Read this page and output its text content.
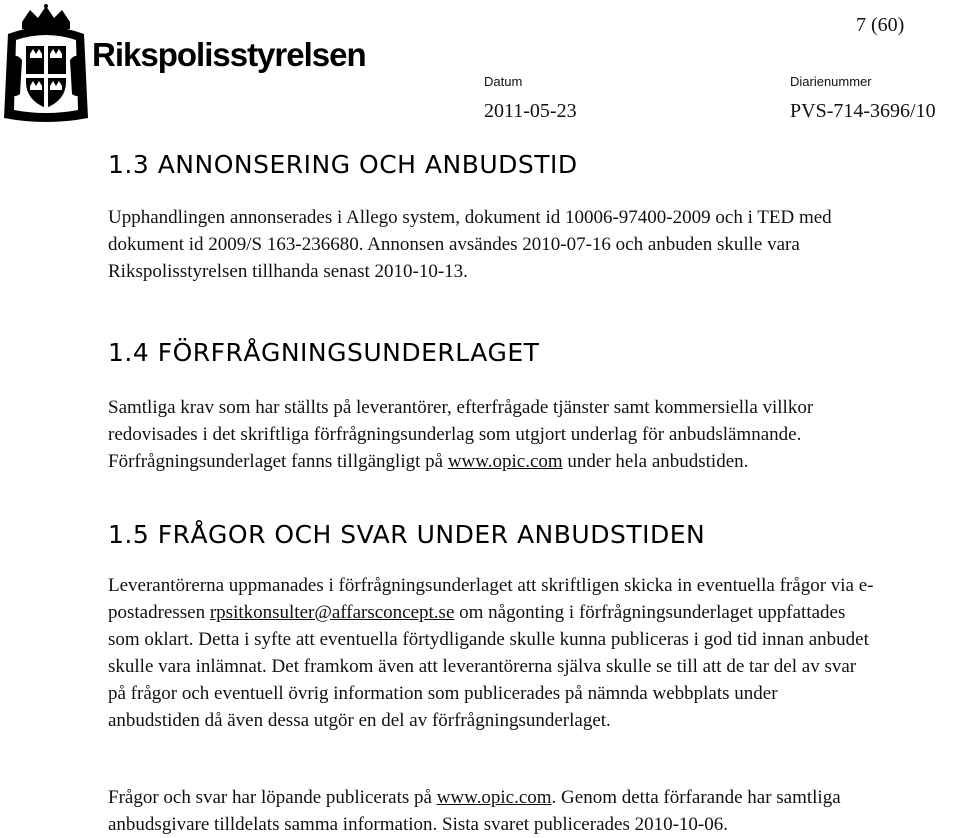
Rikspolisstyrelsen
7 (60)
Datum
2011-05-23
Diarienummer
PVS-714-3696/10
1.3 ANNONSERING OCH ANBUDSTID
Upphandlingen annonserades i Allego system, dokument id 10006-97400-2009 och i TED med
dokument id 2009/S 163-236680. Annonsen avsändes 2010-07-16 och anbuden skulle vara
Rikspolisstyrelsen tillhanda senast 2010-10-13.
1.4 FÖRFRÅGNINGSUNDERLAGET
Samtliga krav som har ställts på leverantörer, efterfrågade tjänster samt kommersiella villkor
redovisades i det skriftliga förfrågningsunderlag som utgjort underlag för anbudslämnande.
Förfrågningsunderlaget fanns tillgängligt på www.opic.com under hela anbudstiden.
1.5 FRÅGOR OCH SVAR UNDER ANBUDSTIDEN
Leverantörerna uppmanades i förfrågningsunderlaget att skriftligen skicka in eventuella frågor via e-
postadressen rpsitkonsulter@affarsconcept.se om någonting i förfrågningsunderlaget uppfattades
som oklart. Detta i syfte att eventuella förtydligande skulle kunna publiceras i god tid innan anbudet
skulle vara inlämnat. Det framkom även att leverantörerna själva skulle se till att de tar del av svar
på frågor och eventuell övrig information som publicerades på nämnda webbplats under
anbudstiden då även dessa utgör en del av förfrågningsunderlaget.
Frågor och svar har löpande publicerats på www.opic.com. Genom detta förfarande har samtliga
anbudsgivare tilldelats samma information. Sista svaret publicerades 2010-10-06.
